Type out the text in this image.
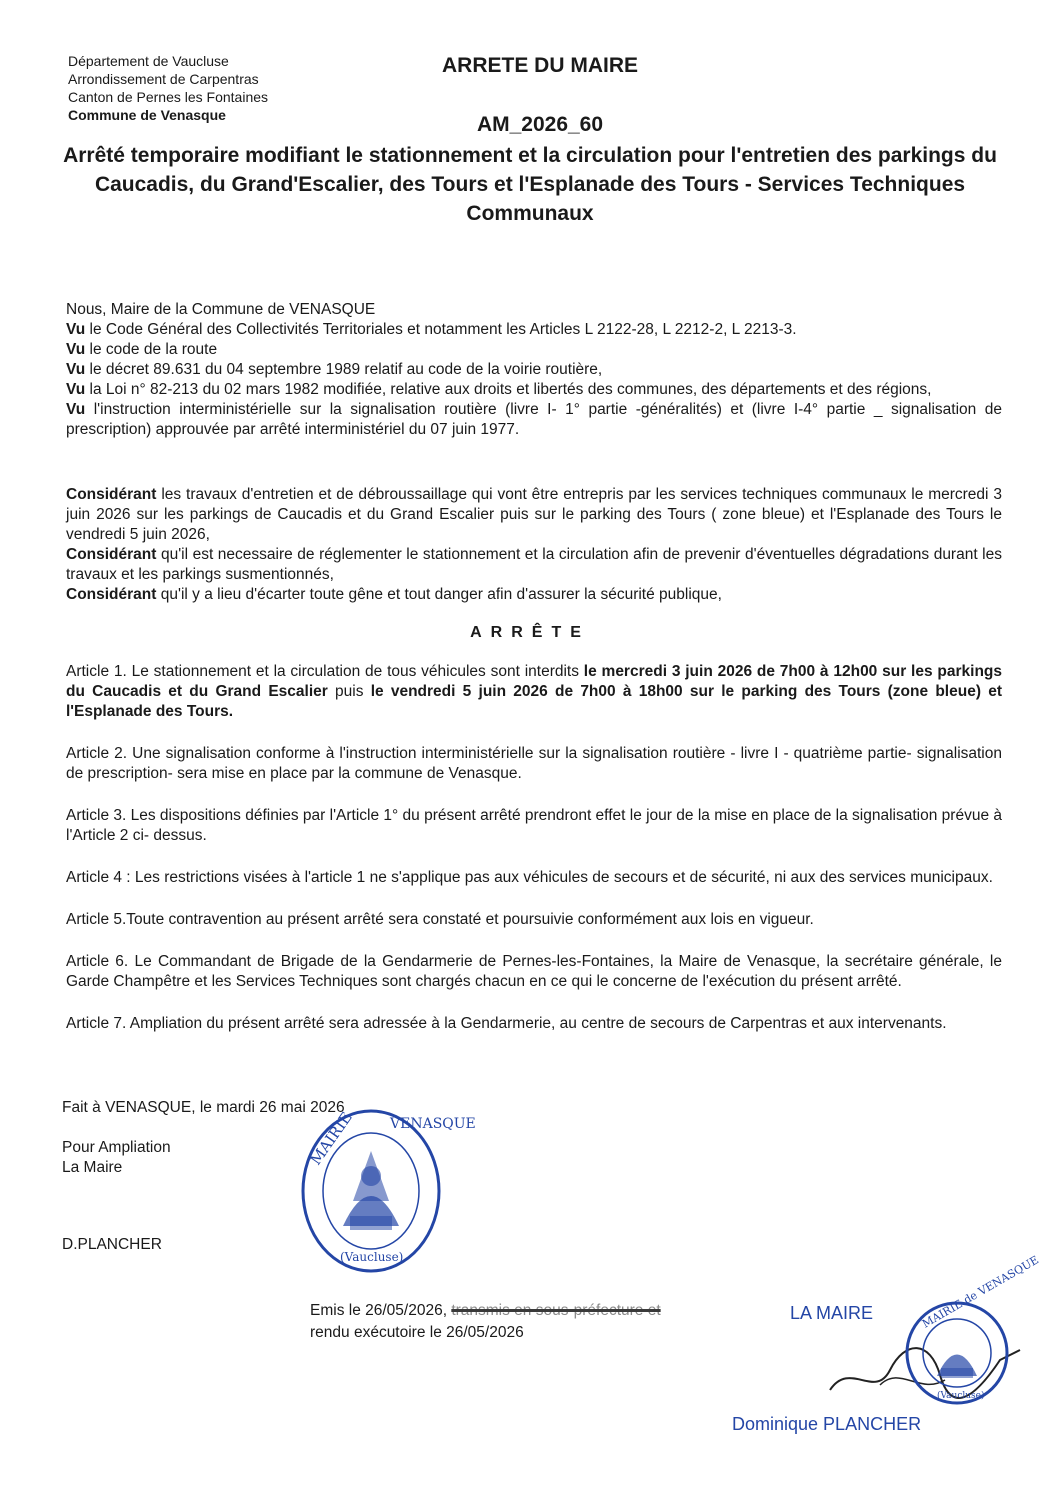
Département de Vaucluse
Arrondissement de Carpentras
Canton de Pernes les Fontaines
Commune de Venasque
ARRETE DU MAIRE
AM_2026_60
Arrêté temporaire modifiant le stationnement et la circulation pour l'entretien des parkings du Caucadis, du Grand'Escalier, des Tours et l'Esplanade des Tours - Services Techniques Communaux

Nous, Maire de la Commune de VENASQUE

Vu le Code Général des Collectivités Territoriales et notamment les Articles L 2122-28, L 2212-2, L 2213-3.

Vu le code de la route

Vu le décret 89.631 du 04 septembre 1989 relatif au code de la voirie routière,

Vu la Loi n° 82-213 du 02 mars 1982 modifiée, relative aux droits et libertés des communes, des départements et des régions,

Vu l'instruction interministérielle sur la signalisation routière (livre I- 1° partie -généralités) et (livre I-4° partie _ signalisation de prescription) approuvée par arrêté interministériel du 07 juin 1977.

Considérant les travaux d'entretien et de débroussaillage qui vont être entrepris par les services techniques communaux le mercredi 3 juin 2026 sur les parkings de Caucadis et du Grand Escalier puis sur le parking des Tours ( zone bleue) et l'Esplanade des Tours le vendredi 5 juin 2026,

Considérant qu'il est necessaire de réglementer le stationnement et la circulation afin de prevenir d'éventuelles dégradations durant les travaux et les parkings susmentionnés,

Considérant qu'il y a lieu d'écarter toute gêne et tout danger afin d'assurer la sécurité publique,

ARRÊTE

Article 1. Le stationnement et la circulation de tous véhicules sont interdits le mercredi 3 juin 2026 de 7h00 à 12h00 sur les parkings du Caucadis et du Grand Escalier puis le vendredi 5 juin 2026 de 7h00 à 18h00 sur le parking des Tours (zone bleue) et l'Esplanade des Tours.

Article 2. Une signalisation conforme à l'instruction interministérielle sur la signalisation routière - livre I - quatrième partie- signalisation de prescription- sera mise en place par la commune de Venasque.

Article 3. Les dispositions définies par l'Article 1° du présent arrêté prendront effet le jour de la mise en place de la signalisation prévue à l'Article 2 ci- dessus.

Article 4 : Les restrictions visées à l'article 1 ne s'applique pas aux véhicules de secours et de sécurité, ni aux des services municipaux.

Article 5.Toute contravention au présent arrêté sera constaté et poursuivie conformément aux lois en vigueur.

Article 6. Le Commandant de Brigade de la Gendarmerie de Pernes-les-Fontaines, la Maire de Venasque, la secrétaire générale, le Garde Champêtre et les Services Techniques sont chargés chacun en ce qui le concerne de l'exécution du présent arrêté.

Article 7. Ampliation du présent arrêté sera adressée à la Gendarmerie, au centre de secours de Carpentras et aux intervenants.

Fait à VENASQUE, le mardi 26 mai 2026
Pour Ampliation
La Maire
D.PLANCHER
MAIRIE VENASQUE
(Vaucluse)
Emis le 26/05/2026, transmis en sous-préfecture et
rendu exécutoire le 26/05/2026
LA MAIRE	MAIRIE de VENASQUE
(Vaucluse)
Dominique PLANCHER
